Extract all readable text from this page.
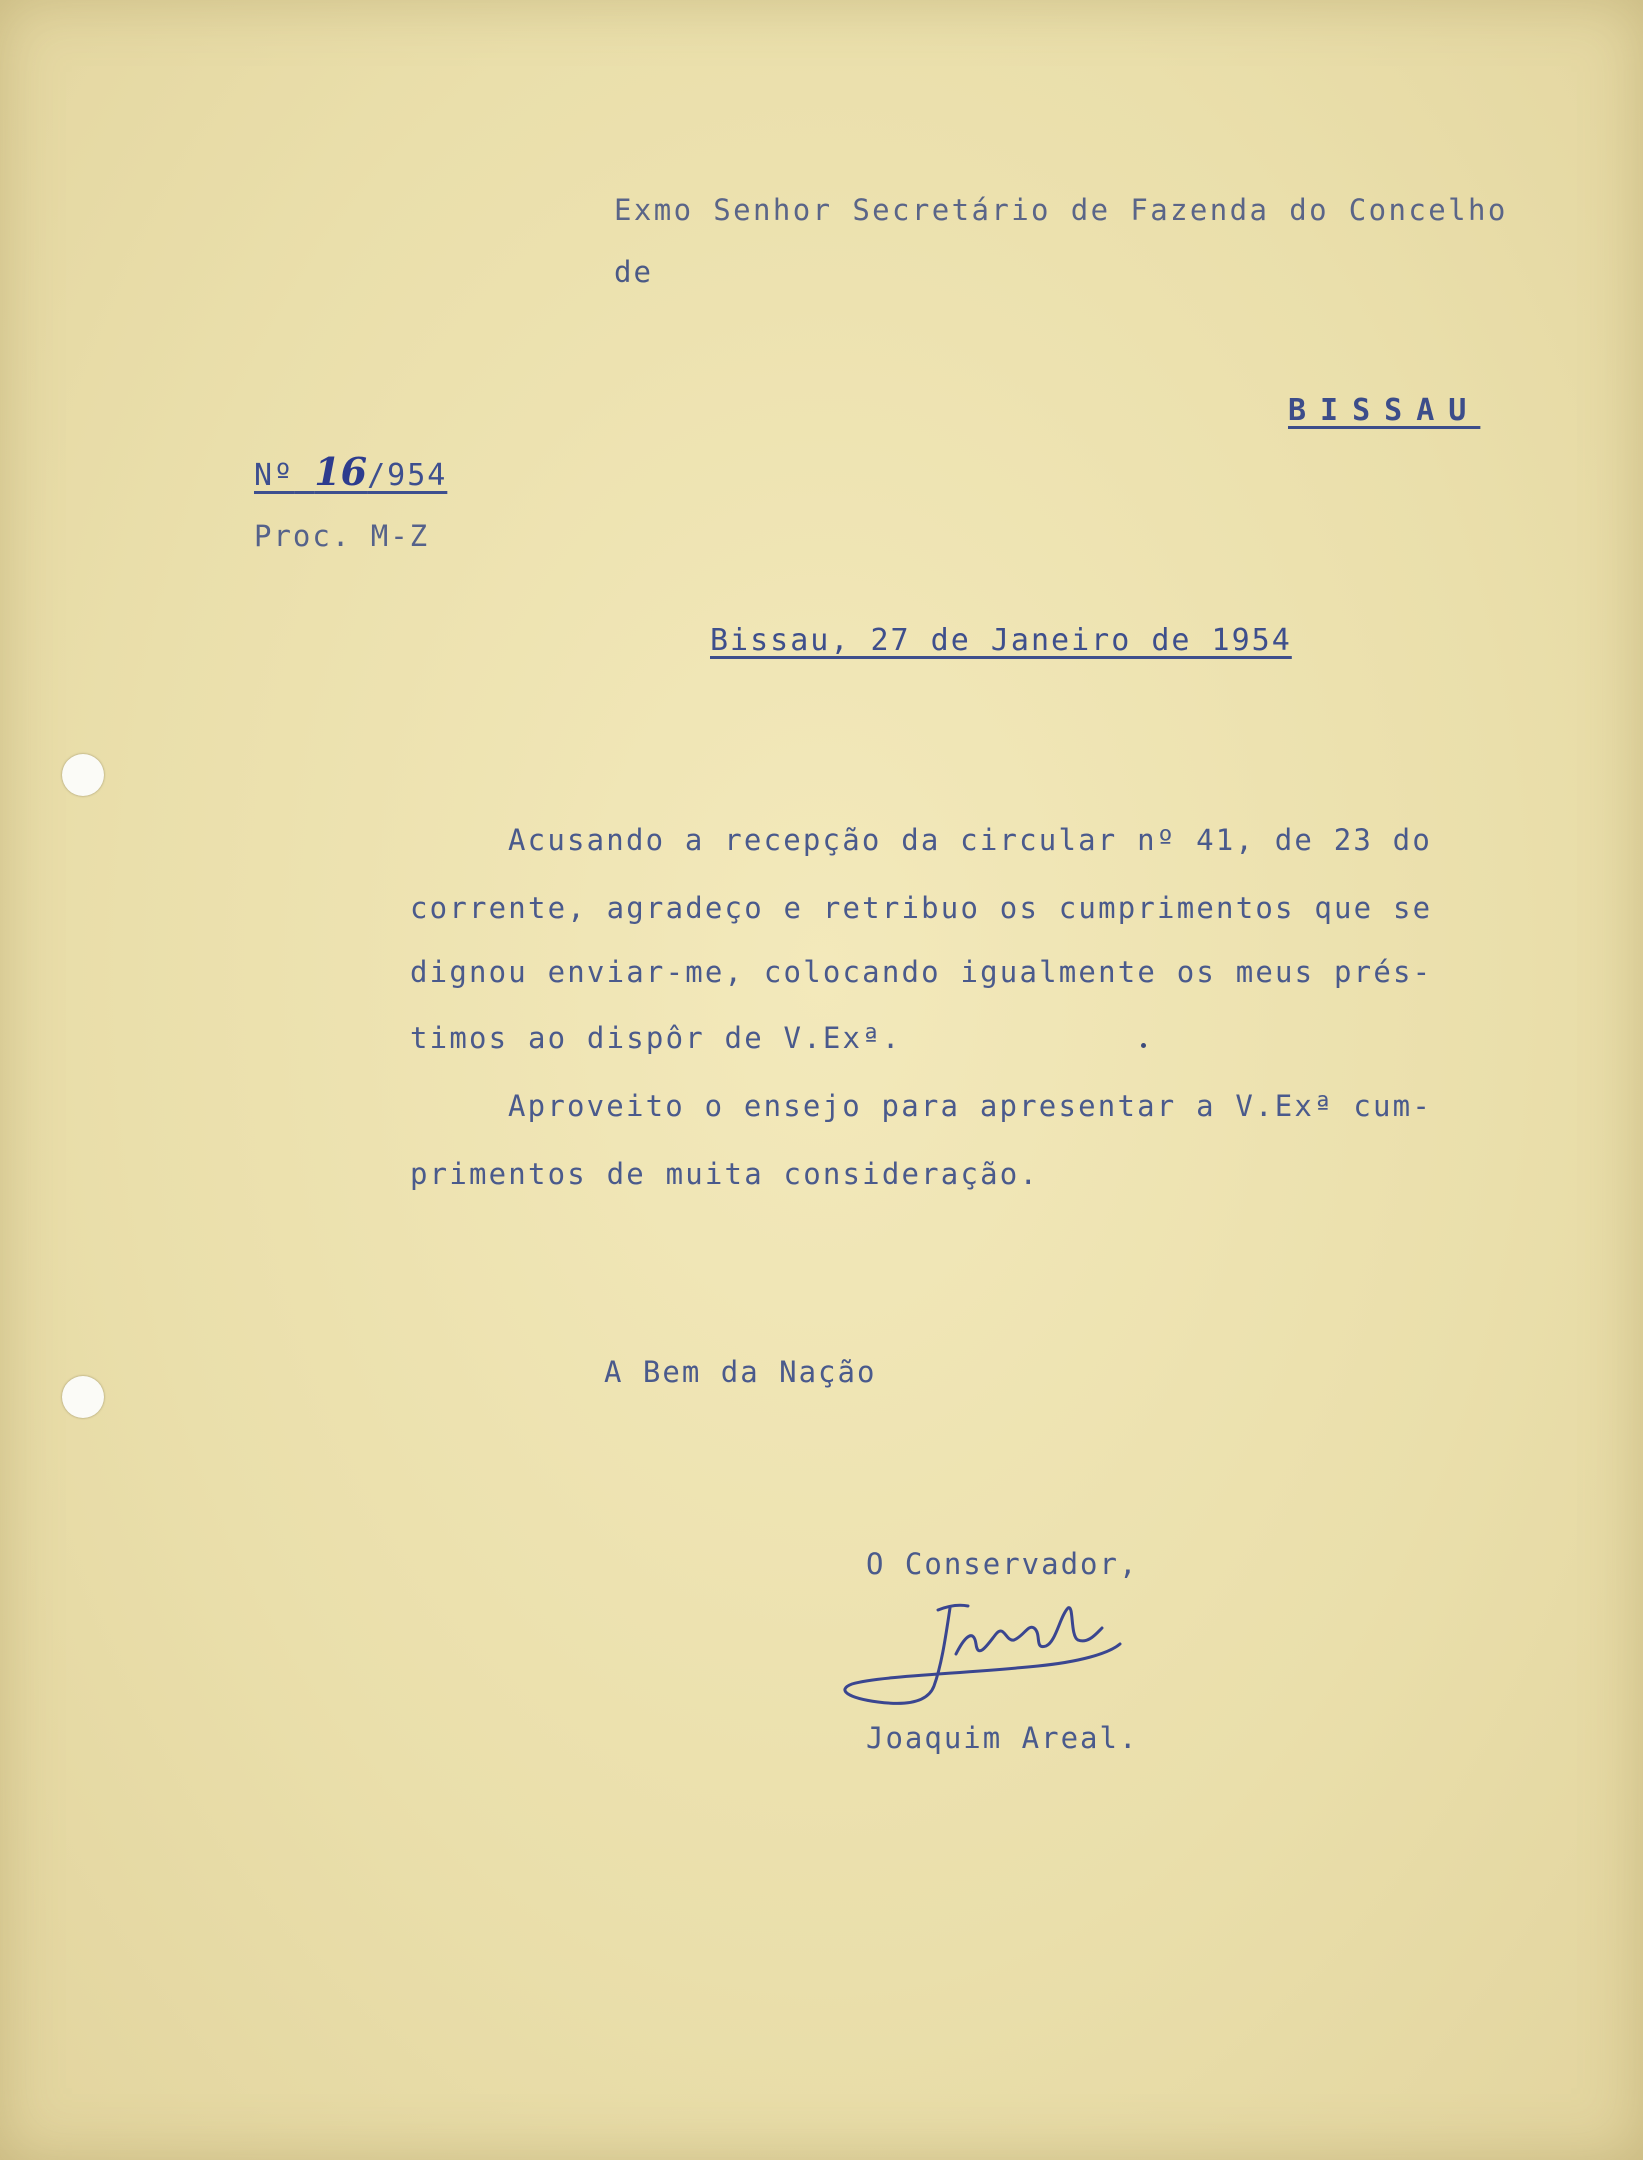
Exmo Senhor Secretário de Fazenda do Concelho
de
BISSAU
Nº 16/954
Proc. M-Z
Bissau, 27 de Janeiro de 1954
Acusando a recepção da circular nº 41, de 23 do
corrente, agradeço e retribuo os cumprimentos que se
dignou enviar-me, colocando igualmente os meus prés-
timos ao dispôr de V.Exª.
Aproveito o ensejo para apresentar a V.Exª cum-
primentos de muita consideração.
A Bem da Nação
O Conservador,
Joaquim Areal.
